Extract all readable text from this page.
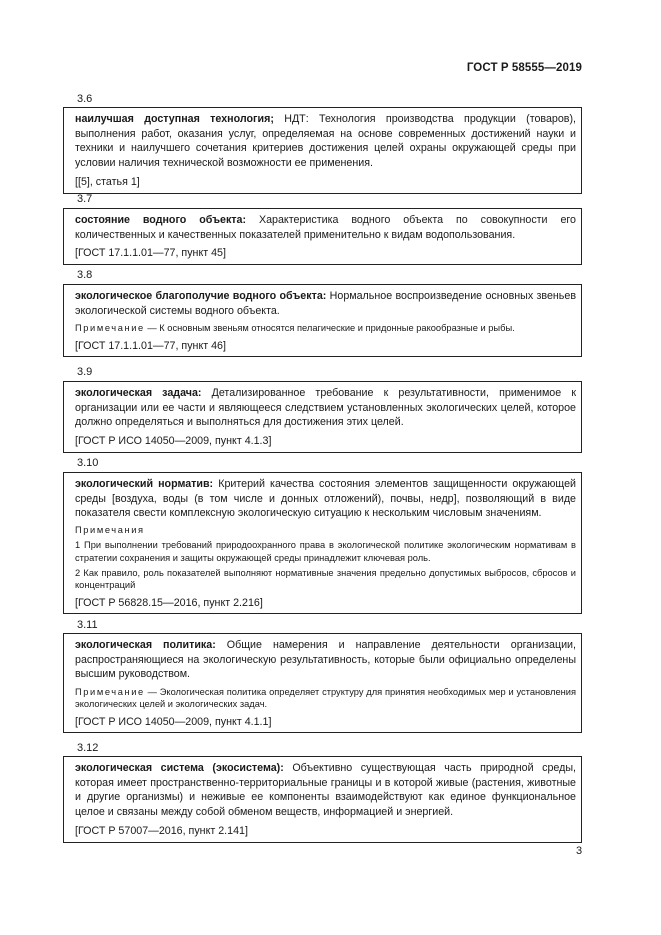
ГОСТ Р 58555—2019
3.6

наилучшая доступная технология; НДТ: Технология производства продукции (товаров), выполнения работ, оказания услуг, определяемая на основе современных достижений науки и техники и наилучшего сочетания критериев достижения целей охраны окружающей среды при условии наличия технической возможности ее применения.

[[5], статья 1]

3.7

состояние водного объекта: Характеристика водного объекта по совокупности его количественных и качественных показателей применительно к видам водопользования.

[ГОСТ 17.1.1.01—77, пункт 45]

3.8

экологическое благополучие водного объекта: Нормальное воспроизведение основных звеньев экологической системы водного объекта.

Примечание — К основным звеньям относятся пелагические и придонные ракообразные и рыбы.

[ГОСТ 17.1.1.01—77, пункт 46]

3.9

экологическая задача: Детализированное требование к результативности, применимое к организации или ее части и являющееся следствием установленных экологических целей, которое должно определяться и выполняться для достижения этих целей.

[ГОСТ Р ИСО 14050—2009, пункт 4.1.3]

3.10

экологический норматив: Критерий качества состояния элементов защищенности окружающей среды [воздуха, воды (в том числе и донных отложений), почвы, недр], позволяющий в виде показателя свести комплексную экологическую ситуацию к нескольким числовым значениям.

Примечания

1 При выполнении требований природоохранного права в экологической политике экологическим нормативам в стратегии сохранения и защиты окружающей среды принадлежит ключевая роль.

2 Как правило, роль показателей выполняют нормативные значения предельно допустимых выбросов, сбросов и концентраций

[ГОСТ Р 56828.15—2016, пункт 2.216]

3.11

экологическая политика: Общие намерения и направление деятельности организации, распространяющиеся на экологическую результативность, которые были официально определены высшим руководством.

Примечание — Экологическая политика определяет структуру для принятия необходимых мер и установления экологических целей и экологических задач.

[ГОСТ Р ИСО 14050—2009, пункт 4.1.1]

3.12

экологическая система (экосистема): Объективно существующая часть природной среды, которая имеет пространственно-территориальные границы и в которой живые (растения, животные и другие организмы) и неживые ее компоненты взаимодействуют как единое функциональное целое и связаны между собой обменом веществ, информацией и энергией.

[ГОСТ Р 57007—2016, пункт 2.141]

3
